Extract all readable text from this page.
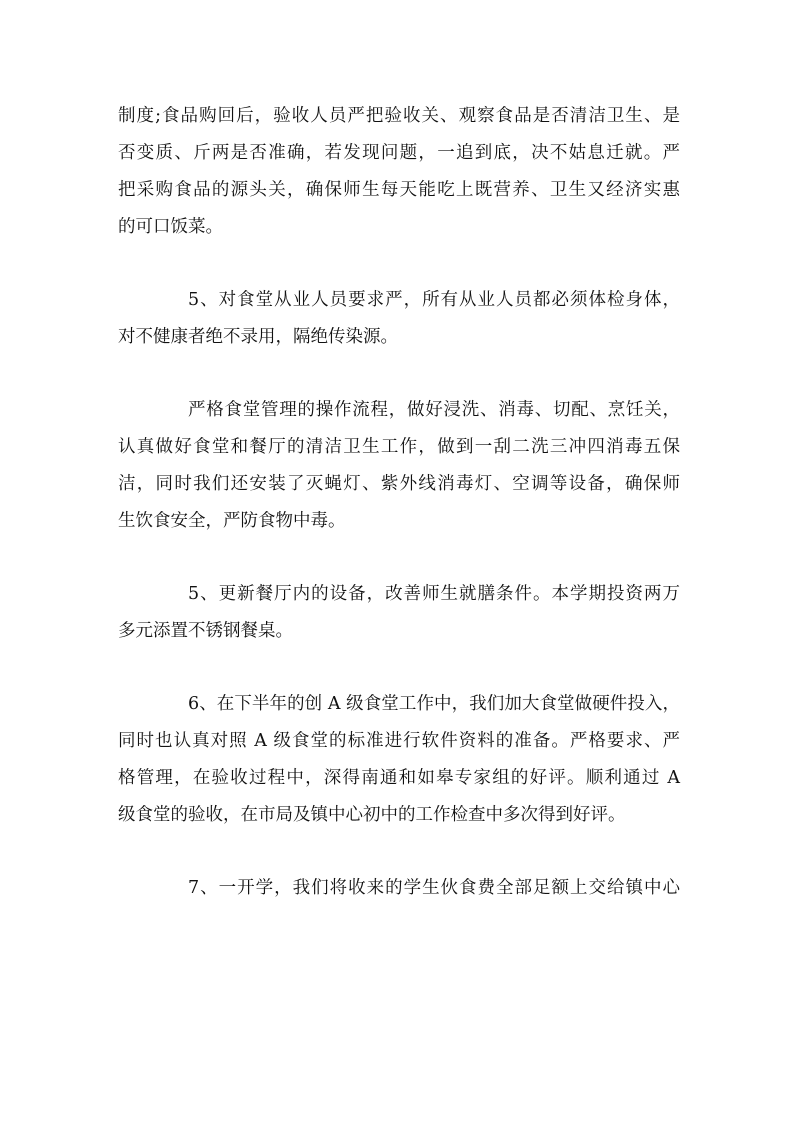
制度;食品购回后，验收人员严把验收关、观察食品是否清洁卫生、是
否变质、斤两是否准确，若发现问题，一追到底，决不姑息迁就。严
把采购食品的源头关，确保师生每天能吃上既营养、卫生又经济实惠
的可口饭菜。
5、对食堂从业人员要求严，所有从业人员都必须体检身体，
对不健康者绝不录用，隔绝传染源。
严格食堂管理的操作流程，做好浸洗、消毒、切配、烹饪关，
认真做好食堂和餐厅的清洁卫生工作，做到一刮二洗三冲四消毒五保
洁，同时我们还安装了灭蝇灯、紫外线消毒灯、空调等设备，确保师
生饮食安全，严防食物中毒。
5、更新餐厅内的设备，改善师生就膳条件。本学期投资两万
多元添置不锈钢餐桌。
6、在下半年的创 A 级食堂工作中，我们加大食堂做硬件投入，
同时也认真对照 A 级食堂的标准进行软件资料的准备。严格要求、严
格管理，在验收过程中，深得南通和如皋专家组的好评。顺利通过 A
级食堂的验收，在市局及镇中心初中的工作检查中多次得到好评。
7、一开学，我们将收来的学生伙食费全部足额上交给镇中心
